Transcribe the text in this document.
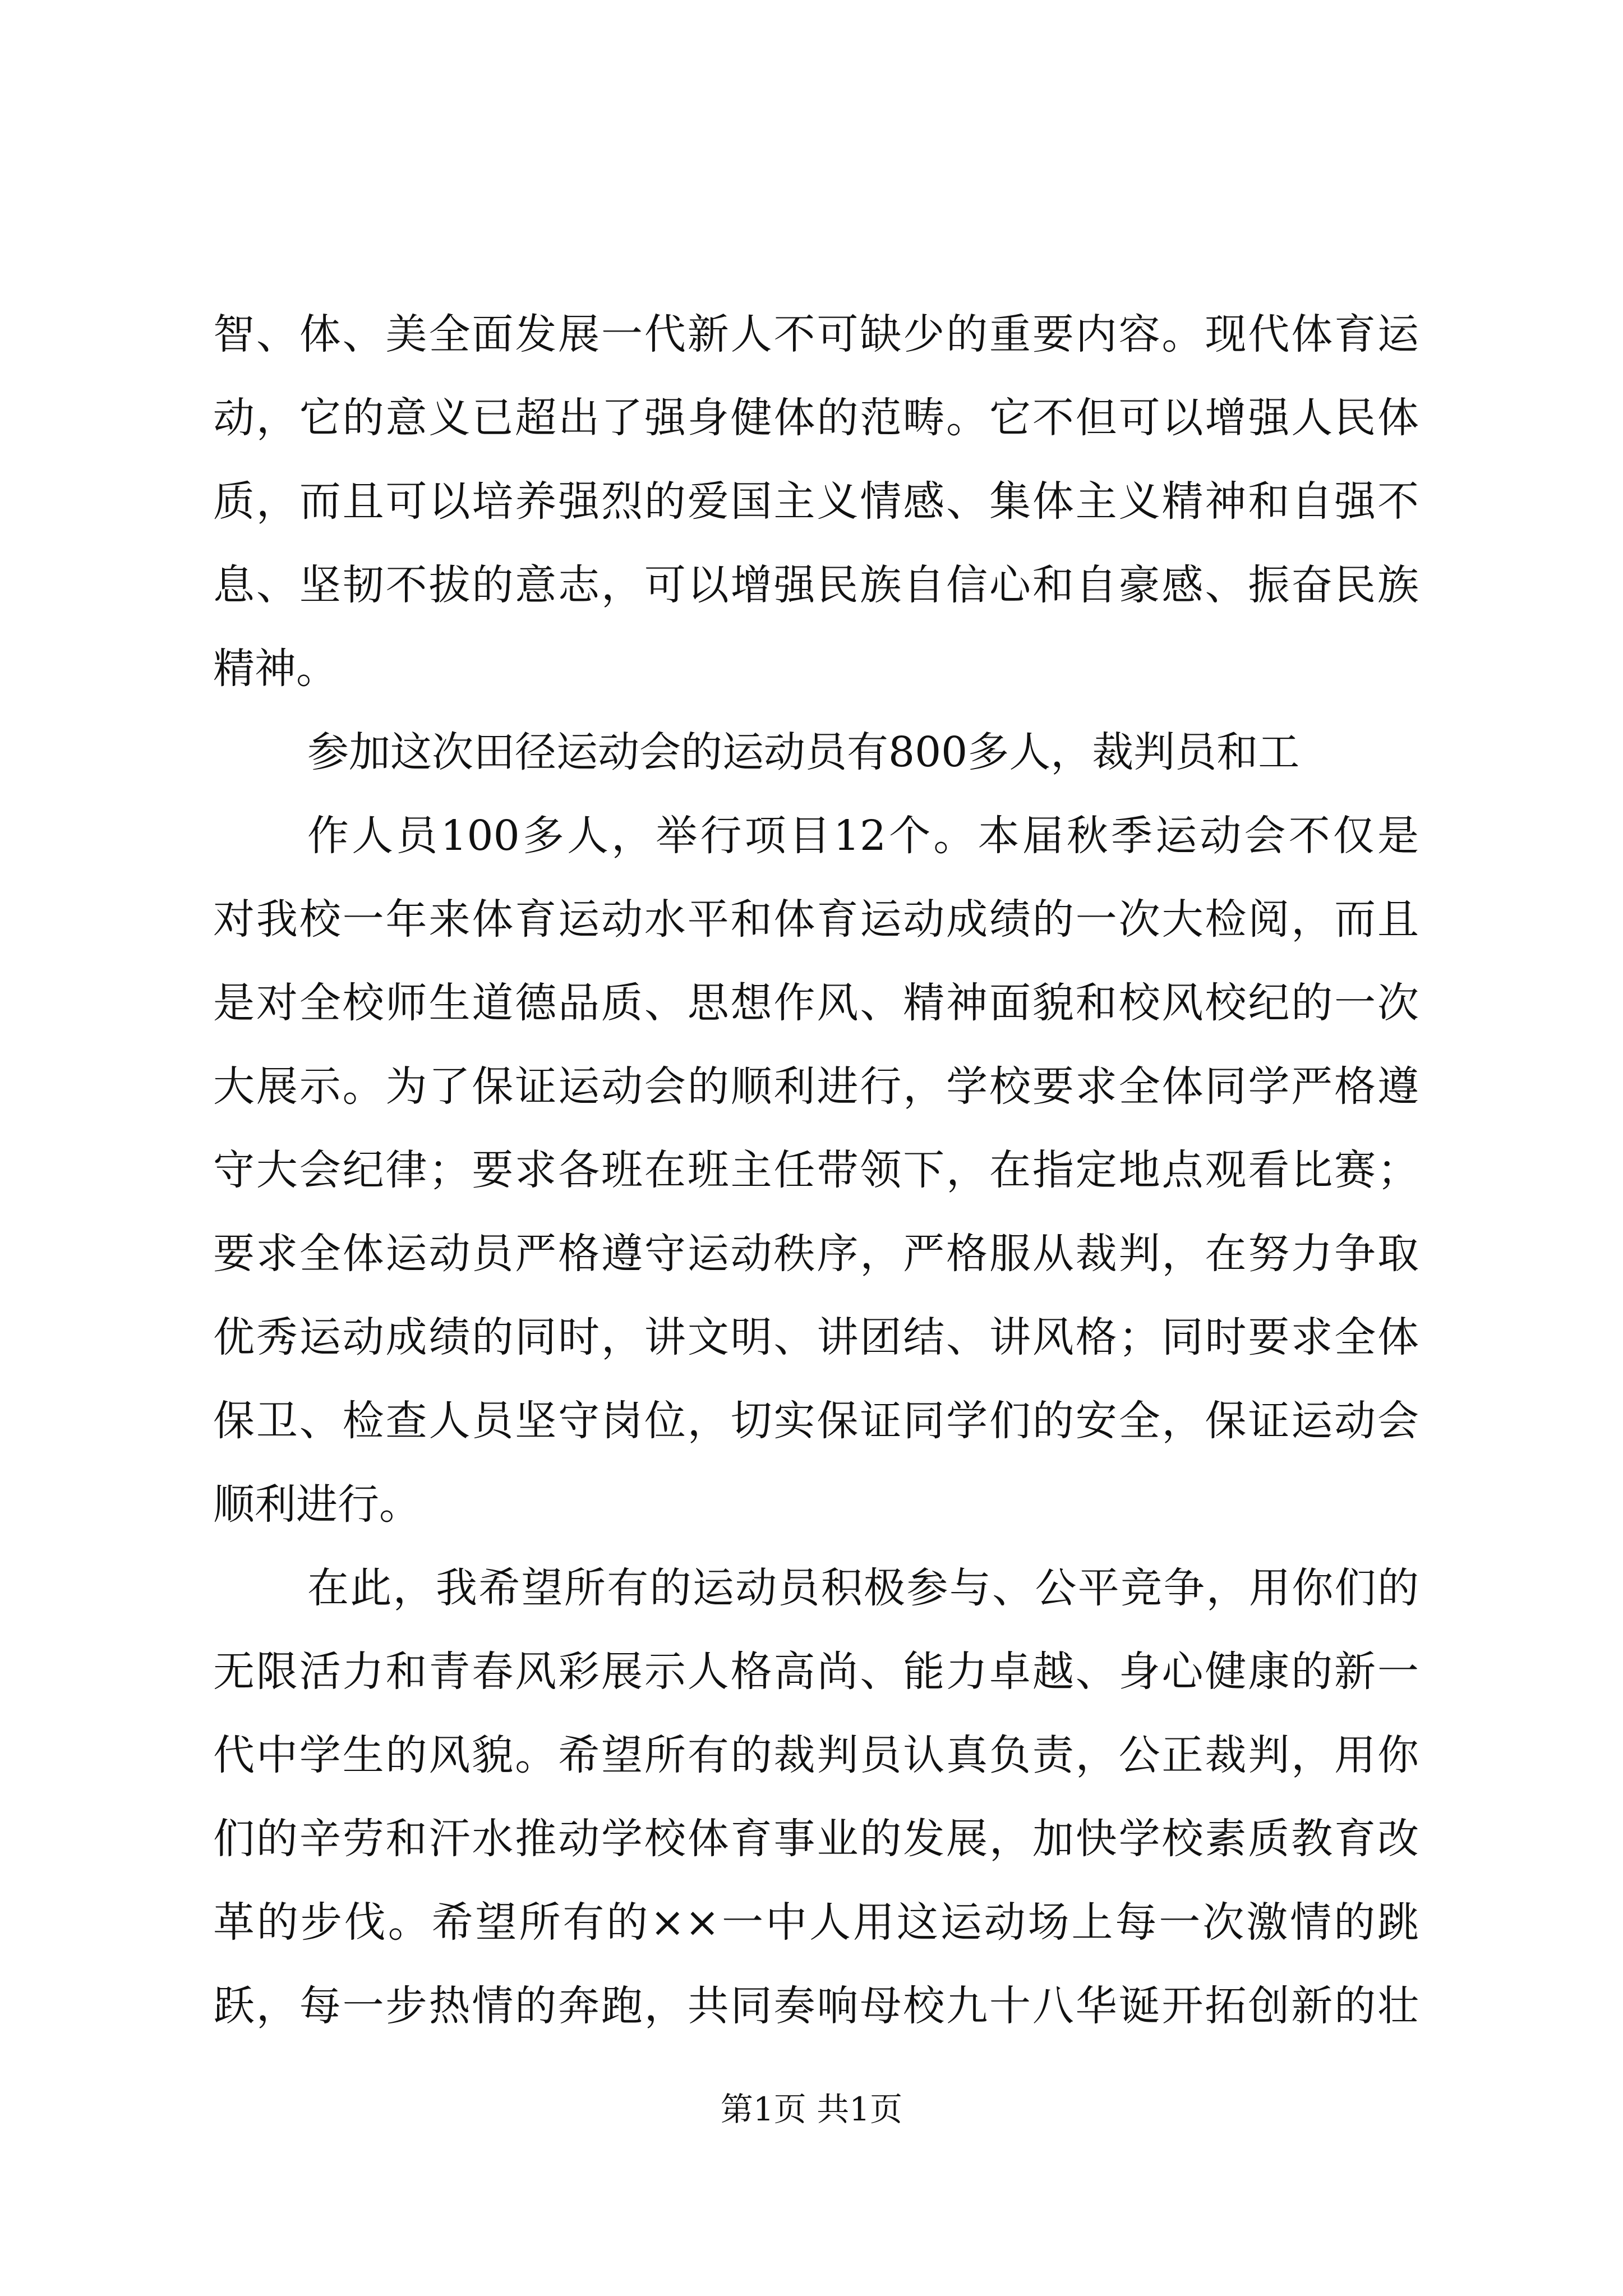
智、体、美全面发展一代新人不可缺少的重要内容。现代体育运
动，它的意义已超出了强身健体的范畴。它不但可以增强人民体
质，而且可以培养强烈的爱国主义情感、集体主义精神和自强不
息、坚韧不拔的意志，可以增强民族自信心和自豪感、振奋民族
精神。
参加这次田径运动会的运动员有800多人，裁判员和工
作人员100多人，举行项目12个。本届秋季运动会不仅是
对我校一年来体育运动水平和体育运动成绩的一次大检阅，而且
是对全校师生道德品质、思想作风、精神面貌和校风校纪的一次
大展示。为了保证运动会的顺利进行，学校要求全体同学严格遵
守大会纪律；要求各班在班主任带领下，在指定地点观看比赛；
要求全体运动员严格遵守运动秩序，严格服从裁判，在努力争取
优秀运动成绩的同时，讲文明、讲团结、讲风格；同时要求全体
保卫、检查人员坚守岗位，切实保证同学们的安全，保证运动会
顺利进行。
在此，我希望所有的运动员积极参与、公平竞争，用你们的
无限活力和青春风彩展示人格高尚、能力卓越、身心健康的新一
代中学生的风貌。希望所有的裁判员认真负责，公正裁判，用你
们的辛劳和汗水推动学校体育事业的发展，加快学校素质教育改
革的步伐。希望所有的××一中人用这运动场上每一次激情的跳
跃，每一步热情的奔跑，共同奏响母校九十八华诞开拓创新的壮
第1页 共1页
